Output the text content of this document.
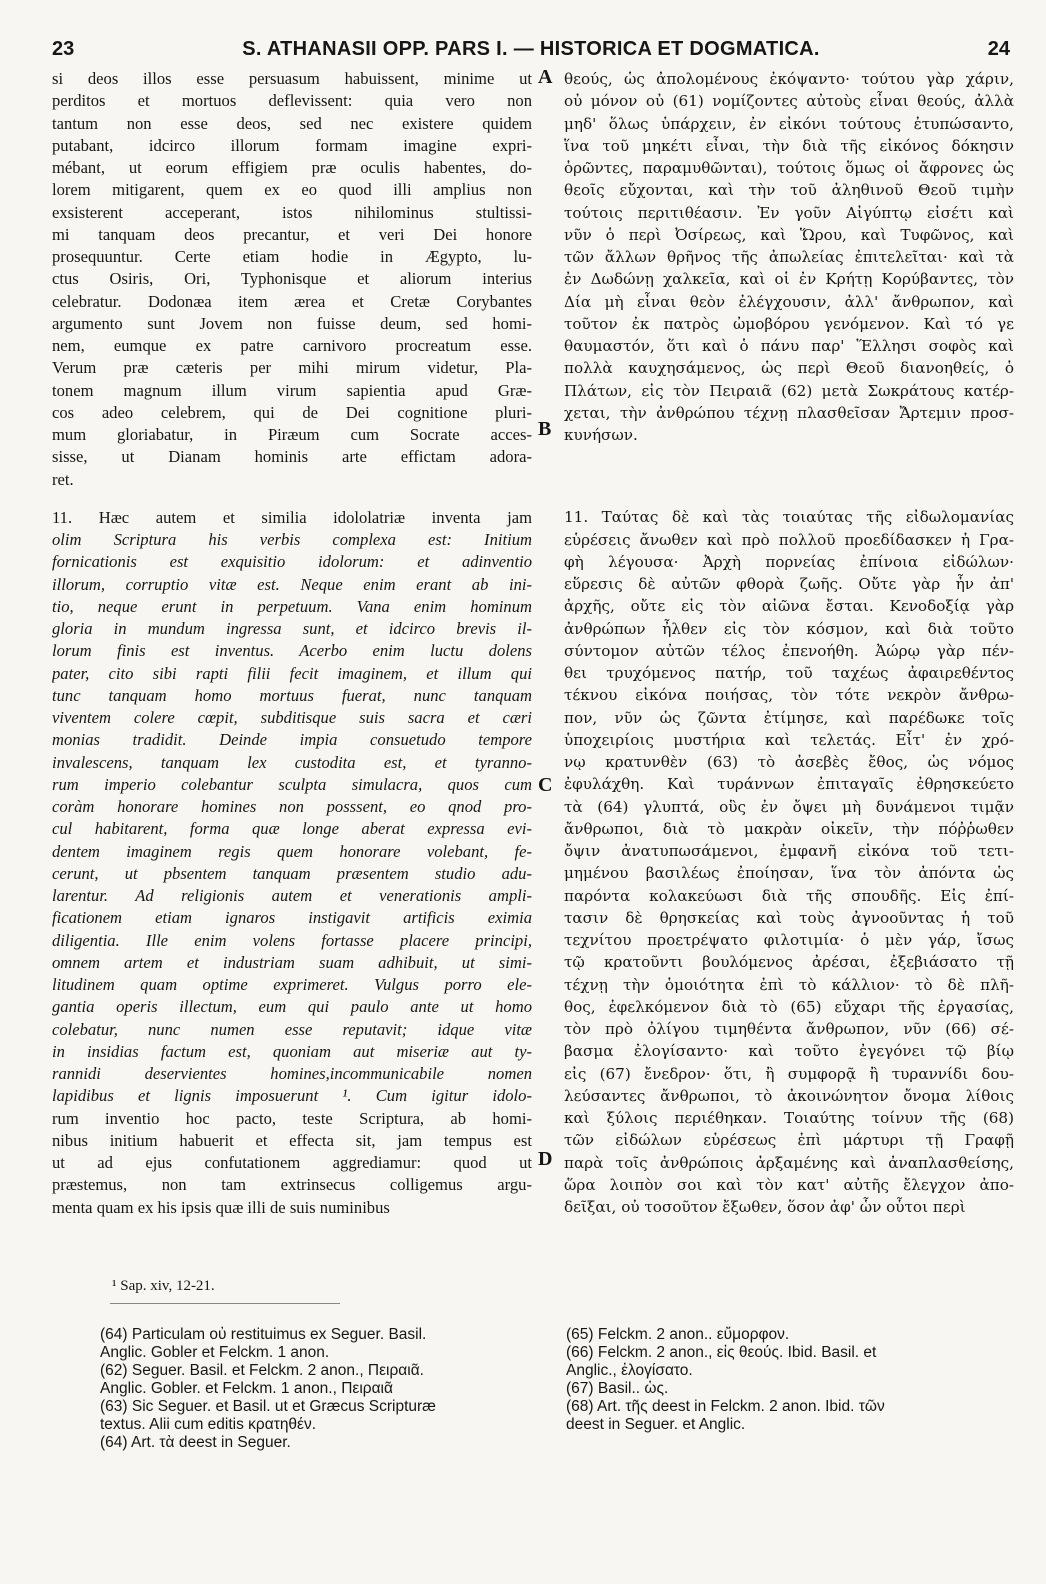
23	S. ATHANASII OPP. PARS I. — HISTORICA ET DOGMATICA.	24

si deos illos esse persuasum habuissent, minime ut
perditos et mortuos deflevissent: quia vero non
tantum non esse deos, sed nec existere quidem
putabant, idcirco illorum formam imagine expri-
mébant, ut eorum effigiem præ oculis habentes, do-
lorem mitigarent, quem ex eo quod illi amplius non
exsisterent acceperant, istos nihilominus stultissi-
mi tanquam deos precantur, et veri Dei honore
prosequuntur. Certe etiam hodie in Ægypto, lu-
ctus Osiris, Ori, Typhonisque et aliorum interius
celebratur. Dodonæa item ærea et Cretæ Corybantes
argumento sunt Jovem non fuisse deum, sed homi-
nem, eumque ex patre carnivoro procreatum esse.
Verum præ cæteris per mihi mirum videtur, Pla-
tonem magnum illum virum sapientia apud Græ-
cos adeo celebrem, qui de Dei cognitione pluri-
mum gloriabatur, in Piræum cum Socrate acces-
sisse, ut Dianam hominis arte effictam adora-
ret.

11. Hæc autem et similia idololatriæ inventa jam
olim Scriptura his verbis complexa est: Initium
fornicationis est exquisitio idolorum: et adinventio
illorum, corruptio vitæ est. Neque enim erant ab ini-
tio, neque erunt in perpetuum. Vana enim hominum
gloria in mundum ingressa sunt, et idcirco brevis il-
lorum finis est inventus. Acerbo enim luctu dolens
pater, cito sibi rapti filii fecit imaginem, et illum qui
tunc tanquam homo mortuus fuerat, nunc tanquam
viventem colere cœpit, subditisque suis sacra et cæri
monias tradidit. Deinde impia consuetudo tempore
invalescens, tanquam lex custodita est, et tyranno-
rum imperio colebantur sculpta simulacra, quos cum
coràm honorare homines non posssent, eo qnod pro-
cul habitarent, forma quæ longe aberat expressa evi-
dentem imaginem regis quem honorare volebant, fe-
cerunt, ut pbsentem tanquam præsentem studio adu-
larentur. Ad religionis autem et venerationis ampli-
ficationem etiam ignaros instigavit artificis eximia
diligentia. Ille enim volens fortasse placere principi,
omnem artem et industriam suam adhibuit, ut simi-
litudinem quam optime exprimeret. Vulgus porro ele-
gantia operis illectum, eum qui paulo ante ut homo
colebatur, nunc numen esse reputavit; idque vitæ
in insidias factum est, quoniam aut miseriæ aut ty-
rannidi deservientes homines,incommunicabile nomen
lapidibus et lignis imposuerunt ¹. Cum igitur idolo-
rum inventio hoc pacto, teste Scriptura, ab homi-
nibus initium habuerit et effecta sit, jam tempus est
ut ad ejus confutationem aggrediamur: quod ut
præstemus, non tam extrinsecus colligemus argu-
menta quam ex his ipsis quæ illi de suis numinibus

θεούς, ὡς ἀπολομένους ἐκόψαντο· τούτου γὰρ χάριν,
οὐ μόνον οὐ (61) νομίζοντες αὐτοὺς εἶναι θεούς, ἀλλὰ
μηδ' ὅλως ὑπάρχειν, ἐν εἰκόνι τούτους ἐτυπώσαντο,
ἵνα τοῦ μηκέτι εἶναι, τὴν διὰ τῆς εἰκόνος δόκησιν
ὁρῶντες, παραμυθῶνται), τούτοις ὅμως οἱ ἄφρονες ὡς
θεοῖς εὔχονται, καὶ τὴν τοῦ ἀληθινοῦ Θεοῦ τιμὴν
τούτοις περιτιθέασιν. Ἐν γοῦν Αἰγύπτῳ εἰσέτι καὶ
νῦν ὁ περὶ Ὀσίρεως, καὶ Ὥρου, καὶ Τυφῶνος, καὶ
τῶν ἄλλων θρῆνος τῆς ἀπωλείας ἐπιτελεῖται· καὶ τὰ
ἐν Δωδώνῃ χαλκεῖα, καὶ οἱ ἐν Κρήτῃ Κορύβαντες, τὸν
Δία μὴ εἶναι θεὸν ἐλέγχουσιν, ἀλλ' ἄνθρωπον, καὶ
τοῦτον ἐκ πατρὸς ὠμοβόρου γενόμενον. Καὶ τό γε
θαυμαστόν, ὅτι καὶ ὁ πάνυ παρ' Ἕλλησι σοφὸς καὶ
πολλὰ καυχησάμενος, ὡς περὶ Θεοῦ διανοηθείς, ὁ
Πλάτων, εἰς τὸν Πειραιᾶ (62) μετὰ Σωκράτους κατέρ-
χεται, τὴν ἀνθρώπου τέχνῃ πλασθεῖσαν Ἄρτεμιν προσ-
κυνήσων.

11. Ταύτας δὲ καὶ τὰς τοιαύτας τῆς εἰδωλομανίας
εὑρέσεις ἄνωθεν καὶ πρὸ πολλοῦ προεδίδασκεν ἡ Γρα-
φὴ λέγουσα· Ἀρχὴ πορνείας ἐπίνοια εἰδώλων·
εὕρεσις δὲ αὐτῶν φθορὰ ζωῆς. Οὔτε γὰρ ἦν ἀπ'
ἀρχῆς, οὔτε εἰς τὸν αἰῶνα ἔσται. Κενοδοξίᾳ γὰρ
ἀνθρώπων ἦλθεν εἰς τὸν κόσμον, καὶ διὰ τοῦτο
σύντομον αὐτῶν τέλος ἐπενοήθη. Ἀώρῳ γὰρ πέν-
θει τρυχόμενος πατήρ, τοῦ ταχέως ἀφαιρεθέντος
τέκνου εἰκόνα ποιήσας, τὸν τότε νεκρὸν ἄνθρω-
πον, νῦν ὡς ζῶντα ἐτίμησε, καὶ παρέδωκε τοῖς
ὑποχειρίοις μυστήρια καὶ τελετάς. Εἶτ' ἐν χρό-
νῳ κρατυνθὲν (63) τὸ ἀσεβὲς ἔθος, ὡς νόμος
ἐφυλάχθη. Καὶ τυράννων ἐπιταγαῖς ἐθρησκεύετο
τὰ (64) γλυπτά, οὓς ἐν ὄψει μὴ δυνάμενοι τιμᾷν
ἄνθρωποι, διὰ τὸ μακρὰν οἰκεῖν, τὴν πόῤῥωθεν
ὄψιν ἀνατυπωσάμενοι, ἐμφανῆ εἰκόνα τοῦ τετι-
μημένου βασιλέως ἐποίησαν, ἵνα τὸν ἀπόντα ὡς
παρόντα κολακεύωσι διὰ τῆς σπουδῆς. Εἰς ἐπί-
τασιν δὲ θρησκείας καὶ τοὺς ἀγνοοῦντας ἡ τοῦ
τεχνίτου προετρέψατο φιλοτιμία· ὁ μὲν γάρ, ἴσως
τῷ κρατοῦντι βουλόμενος ἀρέσαι, ἐξεβιάσατο τῇ
τέχνῃ τὴν ὁμοιότητα ἐπὶ τὸ κάλλιον· τὸ δὲ πλῆ-
θος, ἐφελκόμενον διὰ τὸ (65) εὔχαρι τῆς ἐργασίας,
τὸν πρὸ ὀλίγου τιμηθέντα ἄνθρωπον, νῦν (66) σέ-
βασμα ἐλογίσαντο· καὶ τοῦτο ἐγεγόνει τῷ βίῳ
εἰς (67) ἔνεδρον· ὅτι, ἢ συμφορᾷ ἢ τυραννίδι δου-
λεύσαντες ἄνθρωποι, τὸ ἀκοινώνητον ὄνομα λίθοις
καὶ ξύλοις περιέθηκαν. Τοιαύτης τοίνυν τῆς (68)
τῶν εἰδώλων εὑρέσεως ἐπὶ μάρτυρι τῇ Γραφῇ
παρὰ τοῖς ἀνθρώποις ἀρξαμένης καὶ ἀναπλασθείσης,
ὥρα λοιπὸν σοι καὶ τὸν κατ' αὐτῆς ἔλεγχον ἀπο-
δεῖξαι, οὐ τοσοῦτον ἔξωθεν, ὅσον ἀφ' ὧν οὗτοι περὶ

A
B
C
D
¹ Sap. xiv, 12-21.
(64) Particulam οὐ restituimus ex Seguer. Basil.
Anglic. Gobler et Felckm. 1 anon.
(62) Seguer. Basil. et Felckm. 2 anon., Πειραιᾶ.
Anglic. Gobler. et Felckm. 1 anon., Πειραιᾶ
(63) Sic Seguer. et Basil. ut et Græcus Scripturæ
textus. Alii cum editis κρατηθέν.
(64) Art. τὰ deest in Seguer.
(65) Felckm. 2 anon.. εὔμορφον.
(66) Felckm. 2 anon., εἰς θεούς. Ibid. Basil. et
Anglic., ἐλογίσατο.
(67) Basil.. ὡς.
(68) Art. τῆς deest in Felckm. 2 anon. Ibid. τῶν
deest in Seguer. et Anglic.
